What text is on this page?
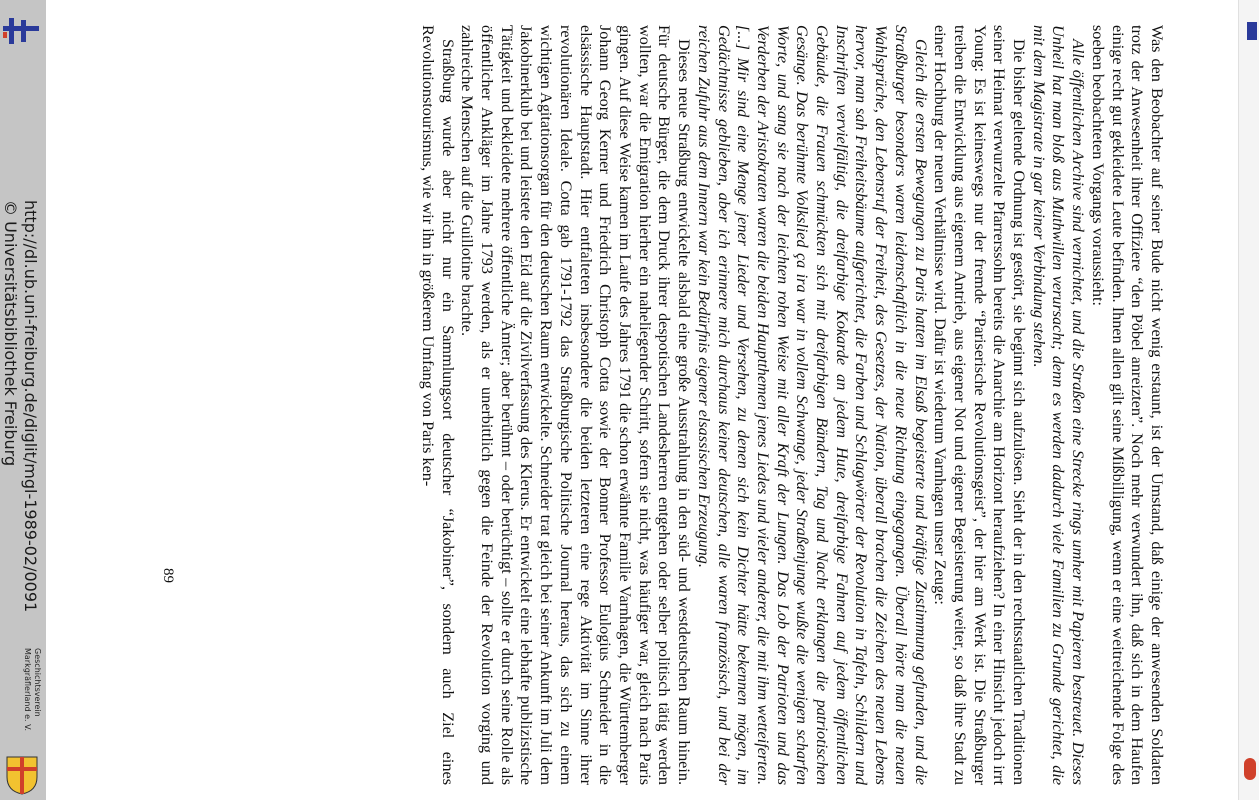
http://dl.ub.uni-freiburg.de/diglit/mgl-1989-02/0091
© Universitätsbibliothek Freiburg
Geschichtsverein
Markgräflerland e. V.	Was den Beobachter auf seiner Bude nicht wenig erstaunt, ist der Umstand, daß einige der anwesenden Soldaten trotz der Anwesenheit ihrer Offiziere “den Pöbel anreizten”. Noch mehr verwundert ihn, daß sich in dem Haufen einige recht gut gekleidete Leute befinden. Ihnen allen gilt seine Mißbilligung, wenn er eine weitreichende Folge des soeben beobachteten Vorgangs voraussieht:

Alle öffentlichen Archive sind vernichtet, und die Straßen eine Strecke rings umher mit Papieren bestreuet. Dieses Unheil hat man bloß aus Muthwillen verursacht; denn es werden dadurch viele Familien zu Grunde gerichtet, die mit dem Magistrate in gar keiner Verbindung stehen.

Die bisher geltende Ordnung ist gestört, sie beginnt sich aufzulösen. Sieht der in den rechtsstaatlichen Traditionen seiner Heimat verwurzelte Pfarrerssohn bereits die Anarchie am Horizont heraufziehen? In einer Hinsicht jedoch irrt Young: Es ist keineswegs nur der fremde “Pariserische Revolutionsgeist”, der hier am Werk ist. Die Straßburger treiben die Entwicklung aus eigenem Antrieb, aus eigener Not und eigener Begeisterung weiter, so daß ihre Stadt zu einer Hochburg der neuen Verhältnisse wird. Dafür ist wiederum Varnhagen unser Zeuge:

Gleich die ersten Bewegungen zu Paris hatten im Elsaß begeisterte und kräftige Zustimmung gefunden, und die Straßburger besonders waren leidenschaftlich in die neue Richtung eingegangen. Überall hörte man die neuen Wahlsprüche, den Lebensruf der Freiheit, des Gesetzes, der Nation, überall brachen die Zeichen des neuen Lebens hervor, man sah Freiheitsbäume aufgerichtet, die Farben und Schlagwörter der Revolution in Tafeln, Schildern und Inschriften vervielfältigt, die dreifarbige Kokarde an jedem Hute, dreifarbige Fahnen auf jedem öffentlichen Gebäude, die Frauen schmückten sich mit dreifarbigen Bändern, Tag und Nacht erklangen die patriotischen Gesänge. Das berühmte Volkslied ça ira war in vollem Schwange, jeder Straßenjunge wußte die wenigen scharfen Worte, und sang sie nach der leichten rohen Weise mit aller Kraft der Lungen. Das Lob der Patrioten und das Verderben der Aristokraten waren die beiden Hauptthemen jenes Liedes und vieler anderer, die mit ihm wetteiferten. [...] Mir sind eine Menge jener Lieder und Versehen, zu denen sich kein Dichter hätte bekennen mögen, im Gedächtnisse geblieben, aber ich erinnere mich durchaus keiner deutschen, alle waren französisch, und bei der reichen Zufuhr aus dem Innern war kein Bedürfnis eigener elsassischen Erzeugung.

Dieses neue Straßburg entwickelte alsbald eine große Ausstrahlung in den süd- und westdeutschen Raum hinein. Für deutsche Bürger, die dem Druck ihrer despotischen Landesherren entgehen oder selber politisch tätig werden wollten, war die Emigration hierher ein naheliegender Schritt, sofern sie nicht, was häufiger war, gleich nach Paris gingen. Auf diese Weise kamen im Laufe des Jahres 1791 die schon erwähnte Familie Varnhagen, die Württemberger Johann Georg Kerner und Friedrich Christoph Cotta sowie der Bonner Professor Eulogius Schneider in die elsässische Hauptstadt. Hier entfalteten insbesondere die beiden letzteren eine rege Aktivität im Sinne ihrer revolutionären Ideale. Cotta gab 1791-1792 das Straßburgische Politische Journal heraus, das sich zu einem wichtigen Agitationsorgan für den deutschen Raum entwickelte. Schneider trat gleich bei seiner Ankunft im Juli dem Jakobinerklub bei und leistete den Eid auf die Zivilverfassung des Klerus. Er entwickelt eine lebhafte publizistische Tätigkeit und bekleidete mehrere öffentliche Ämter; aber berühmt – oder berüchtigt – sollte er durch seine Rolle als öffentlicher Ankläger im Jahre 1793 werden, als er unerbittlich gegen die Feinde der Revolution vorging und zahlreiche Menschen auf die Guillotine brachte.

Straßburg wurde aber nicht nur ein Sammlungsort deutscher “Jakobiner”, sondern auch Ziel eines Revolutionstourismus, wie wir ihn in größerem Umfang von Paris ken-

89
